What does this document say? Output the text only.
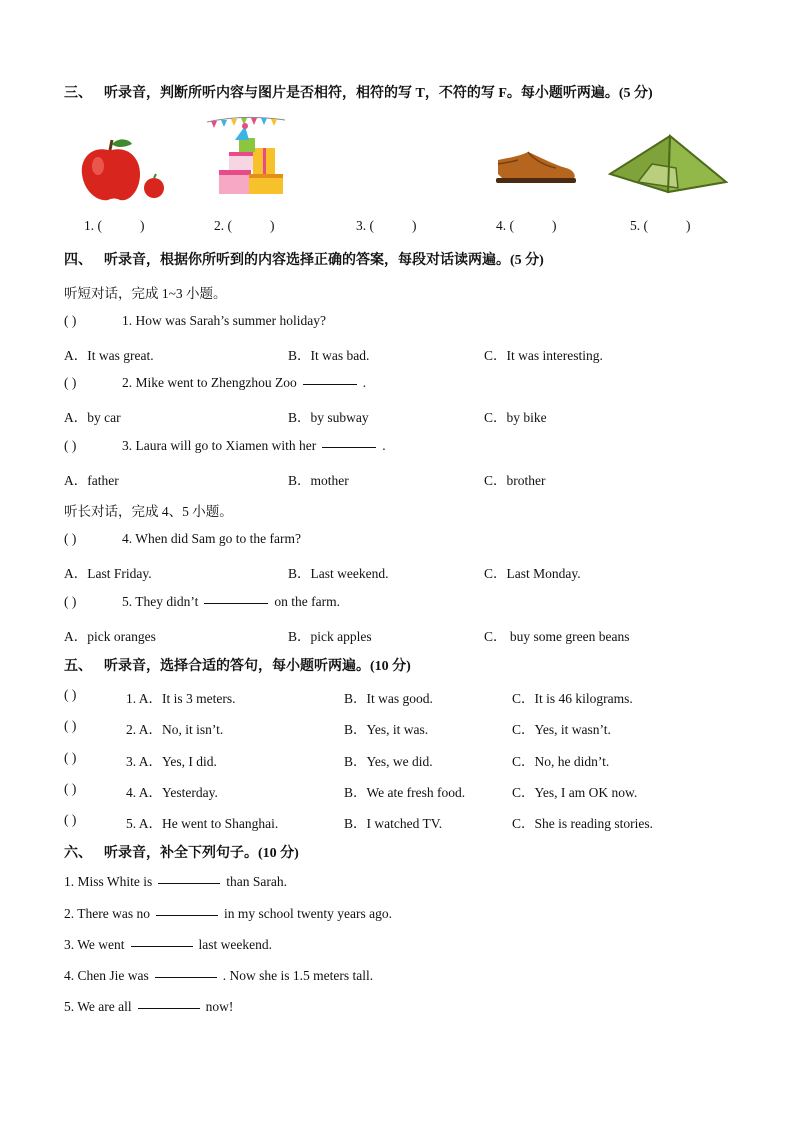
三、 听录音，判断所听内容与图片是否相符，相符的写 T，不符的写 F。每小题听两遍。(5 分)
1. (	)	2. (	)	3. (	)	4. (	)	5. (	)
四、 听录音，根据你所听到的内容选择正确的答案，每段对话读两遍。(5 分)
听短对话，完成 1~3 小题。
( )	1. How was Sarah’s summer holiday?
A．It was great.	B．It was bad.	C．It was interesting.
( )	2. Mike went to Zhengzhou Zoo	.
A．by car	B．by subway	C．by bike
( )	3. Laura will go to Xiamen with her	.
A．father	B．mother	C．brother
听长对话，完成 4、5 小题。
( )	4. When did Sam go to the farm?
A．Last Friday.	B．Last weekend.	C．Last Monday.
( )	5. They didn’t	on the farm.
A．pick oranges	B．pick apples	C． buy some green beans
五、 听录音，选择合适的答句，每小题听两遍。(10 分)
( )	1. A．It is 3 meters.	B．It was good.	C．It is 46 kilograms.
( )	2. A．No, it isn’t.	B．Yes, it was.	C．Yes, it wasn’t.
( )	3. A．Yes, I did.	B．Yes, we did.	C．No, he didn’t.
( )	4. A．Yesterday.	B．We ate fresh food.	C．Yes, I am OK now.
( )	5. A．He went to Shanghai.	B．I watched TV.	C．She is reading stories.
六、 听录音，补全下列句子。(10 分)
1. Miss White is	than Sarah.
2. There was no	in my school twenty years ago.
3. We went	last weekend.
4. Chen Jie was	. Now she is 1.5 meters tall.
5. We are all	now!
